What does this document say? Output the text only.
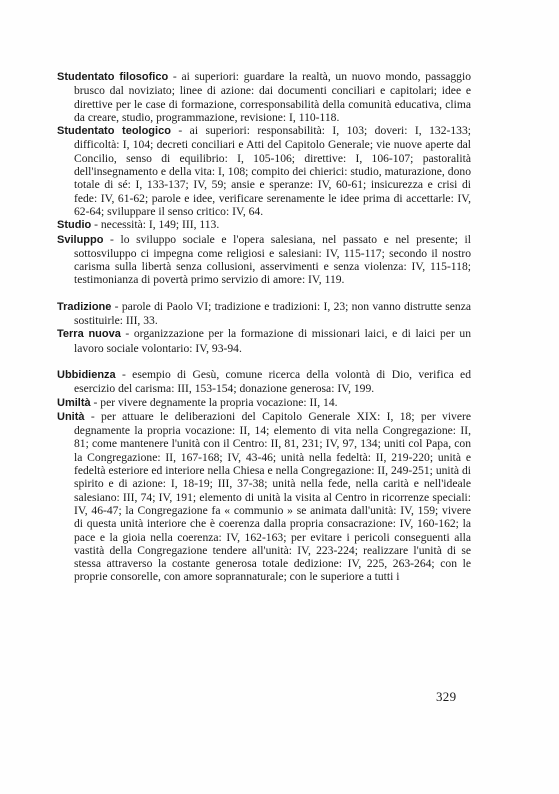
Studentato filosofico - ai superiori: guardare la realtà, un nuovo mondo, passaggio brusco dal noviziato; linee di azione: dai documenti conciliari e capitolari; idee e direttive per le case di formazione, corresponsabilità della comunità educativa, clima da creare, studio, programmazione, revisione: I, 110-118.

Studentato teologico - ai superiori: responsabilità: I, 103; doveri: I, 132-133; difficoltà: I, 104; decreti conciliari e Atti del Capitolo Generale; vie nuove aperte dal Concilio, senso di equilibrio: I, 105-106; direttive: I, 106-107; pastoralità dell'insegnamento e della vita: I, 108; compito dei chierici: studio, maturazione, dono totale di sé: I, 133-137; IV, 59; ansie e speranze: IV, 60-61; insicurezza e crisi di fede: IV, 61-62; parole e idee, verificare serenamente le idee prima di accettarle: IV, 62-64; sviluppare il senso critico: IV, 64.

Studio - necessità: I, 149; III, 113.

Sviluppo - lo sviluppo sociale e l'opera salesiana, nel passato e nel presente; il sottosviluppo ci impegna come religiosi e salesiani: IV, 115-117; secondo il nostro carisma sulla libertà senza collusioni, asservimenti e senza violenza: IV, 115-118; testimonianza di povertà primo servizio di amore: IV, 119.

Tradizione - parole di Paolo VI; tradizione e tradizioni: I, 23; non vanno distrutte senza sostituirle: III, 33.

Terra nuova - organizzazione per la formazione di missionari laici, e di laici per un lavoro sociale volontario: IV, 93-94.

Ubbidienza - esempio di Gesù, comune ricerca della volontà di Dio, verifica ed esercizio del carisma: III, 153-154; donazione generosa: IV, 199.

Umiltà - per vivere degnamente la propria vocazione: II, 14.

Unità - per attuare le deliberazioni del Capitolo Generale XIX: I, 18; per vivere degnamente la propria vocazione: II, 14; elemento di vita nella Congregazione: II, 81; come mantenere l'unità con il Centro: II, 81, 231; IV, 97, 134; uniti col Papa, con la Congregazione: II, 167-168; IV, 43-46; unità nella fedeltà: II, 219-220; unità e fedeltà esteriore ed interiore nella Chiesa e nella Congregazione: II, 249-251; unità di spirito e di azione: I, 18-19; III, 37-38; unità nella fede, nella carità e nell'ideale salesiano: III, 74; IV, 191; elemento di unità la visita al Centro in ricorrenze speciali: IV, 46-47; la Congregazione fa « communio » se animata dall'unità: IV, 159; vivere di questa unità interiore che è coerenza dalla propria consacrazione: IV, 160-162; la pace e la gioia nella coerenza: IV, 162-163; per evitare i pericoli conseguenti alla vastità della Congregazione tendere all'unità: IV, 223-224; realizzare l'unità di se stessa attraverso la costante generosa totale dedizione: IV, 225, 263-264; con le proprie consorelle, con amore soprannaturale; con le superiore a tutti i

329
